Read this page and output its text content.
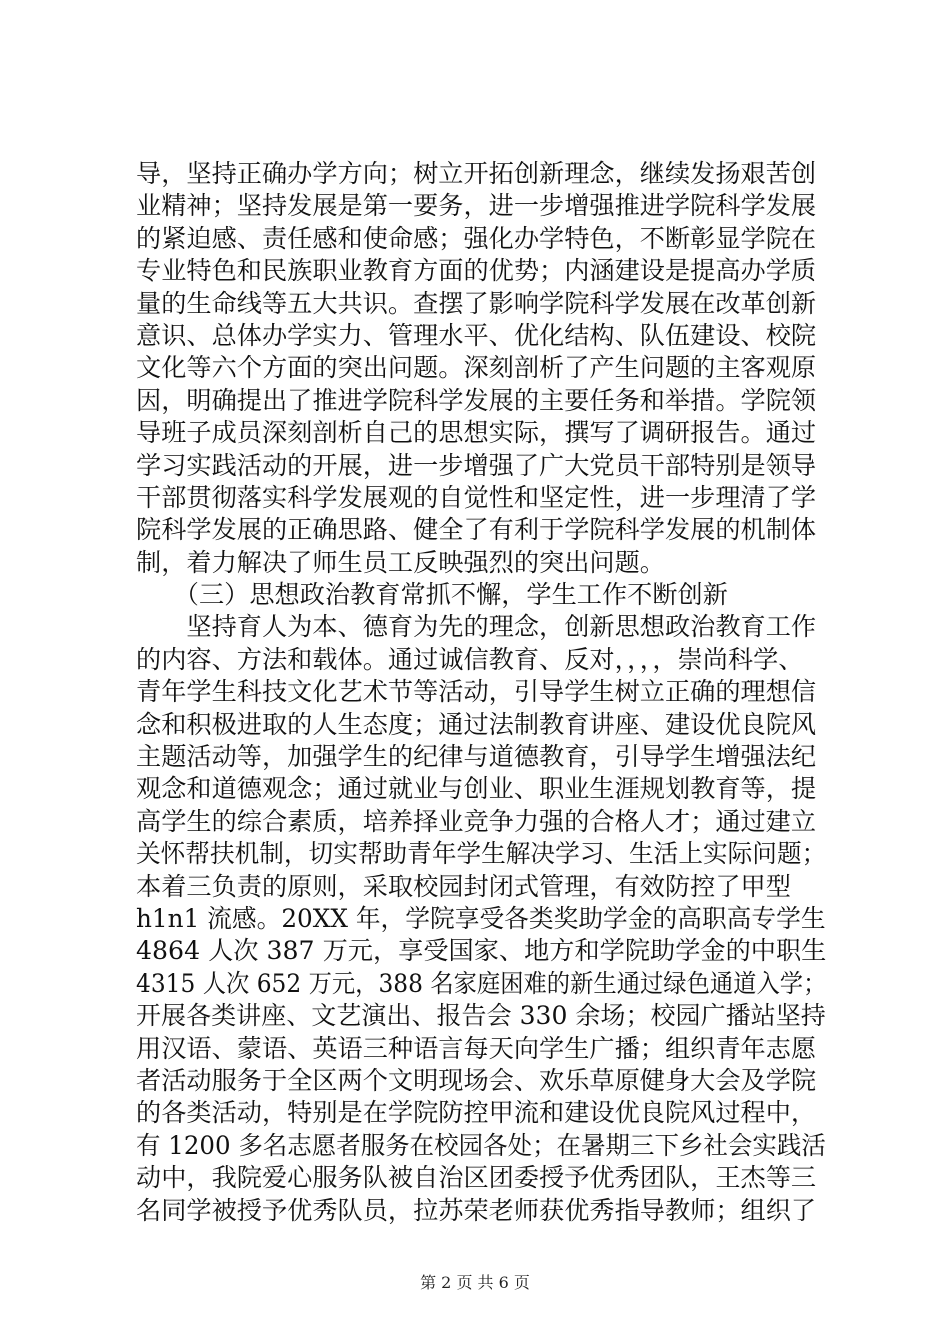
导，坚持正确办学方向；树立开拓创新理念，继续发扬艰苦创
业精神；坚持发展是第一要务，进一步增强推进学院科学发展
的紧迫感、责任感和使命感；强化办学特色，不断彰显学院在
专业特色和民族职业教育方面的优势；内涵建设是提高办学质
量的生命线等五大共识。查摆了影响学院科学发展在改革创新
意识、总体办学实力、管理水平、优化结构、队伍建设、校院
文化等六个方面的突出问题。深刻剖析了产生问题的主客观原
因，明确提出了推进学院科学发展的主要任务和举措。学院领
导班子成员深刻剖析自己的思想实际，撰写了调研报告。通过
学习实践活动的开展，进一步增强了广大党员干部特别是领导
干部贯彻落实科学发展观的自觉性和坚定性，进一步理清了学
院科学发展的正确思路、健全了有利于学院科学发展的机制体
制，着力解决了师生员工反映强烈的突出问题。
　　（三）思想政治教育常抓不懈，学生工作不断创新
　　坚持育人为本、德育为先的理念，创新思想政治教育工作
的内容、方法和载体。通过诚信教育、反对，，，，崇尚科学、
青年学生科技文化艺术节等活动，引导学生树立正确的理想信
念和积极进取的人生态度；通过法制教育讲座、建设优良院风
主题活动等，加强学生的纪律与道德教育，引导学生增强法纪
观念和道德观念；通过就业与创业、职业生涯规划教育等，提
高学生的综合素质，培养择业竞争力强的合格人才；通过建立
关怀帮扶机制，切实帮助青年学生解决学习、生活上实际问题；
本着三负责的原则，采取校园封闭式管理，有效防控了甲型
h1n1 流感。20XX 年，学院享受各类奖助学金的高职高专学生
4864 人次 387 万元，享受国家、地方和学院助学金的中职生
4315 人次 652 万元，388 名家庭困难的新生通过绿色通道入学；
开展各类讲座、文艺演出、报告会 330 余场；校园广播站坚持
用汉语、蒙语、英语三种语言每天向学生广播；组织青年志愿
者活动服务于全区两个文明现场会、欢乐草原健身大会及学院
的各类活动，特别是在学院防控甲流和建设优良院风过程中，
有 1200 多名志愿者服务在校园各处；在暑期三下乡社会实践活
动中，我院爱心服务队被自治区团委授予优秀团队，王杰等三
名同学被授予优秀队员，拉苏荣老师获优秀指导教师；组织了
第 2 页 共 6 页
